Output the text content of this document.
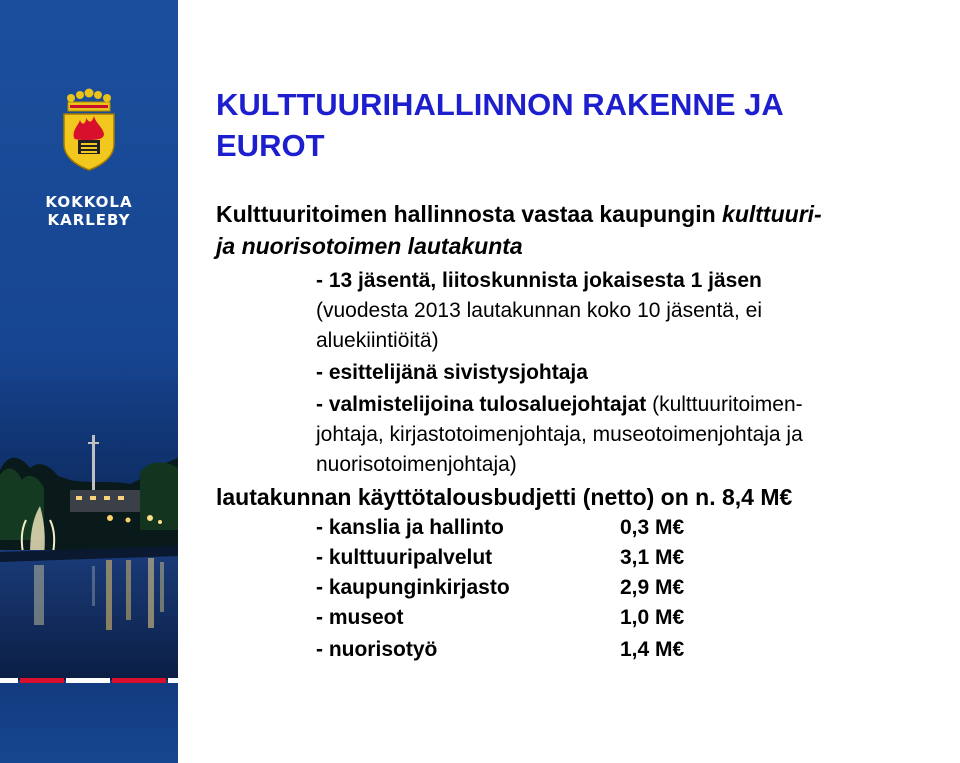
KOKKOLA
KARLEBY
KULTTUURIHALLINNON RAKENNE JA
EUROT
Kulttuuritoimen hallinnosta vastaa kaupungin kulttuuri-
ja nuorisotoimen lautakunta
- 13 jäsentä, liitoskunnista jokaisesta 1 jäsen
(vuodesta 2013 lautakunnan koko 10 jäsentä, ei
aluekiintiöitä)
- esittelijänä sivistysjohtaja
- valmistelijoina tulosaluejohtajat (kulttuuritoimen-
johtaja, kirjastotoimenjohtaja, museotoimenjohtaja ja
nuorisotoimenjohtaja)
lautakunnan käyttötalousbudjetti (netto) on n. 8,4 M€
- kanslia ja hallinto	0,3 M€
- kulttuuripalvelut	3,1 M€
- kaupunginkirjasto	2,9 M€
- museot	1,0 M€
- nuorisotyö	1,4 M€
